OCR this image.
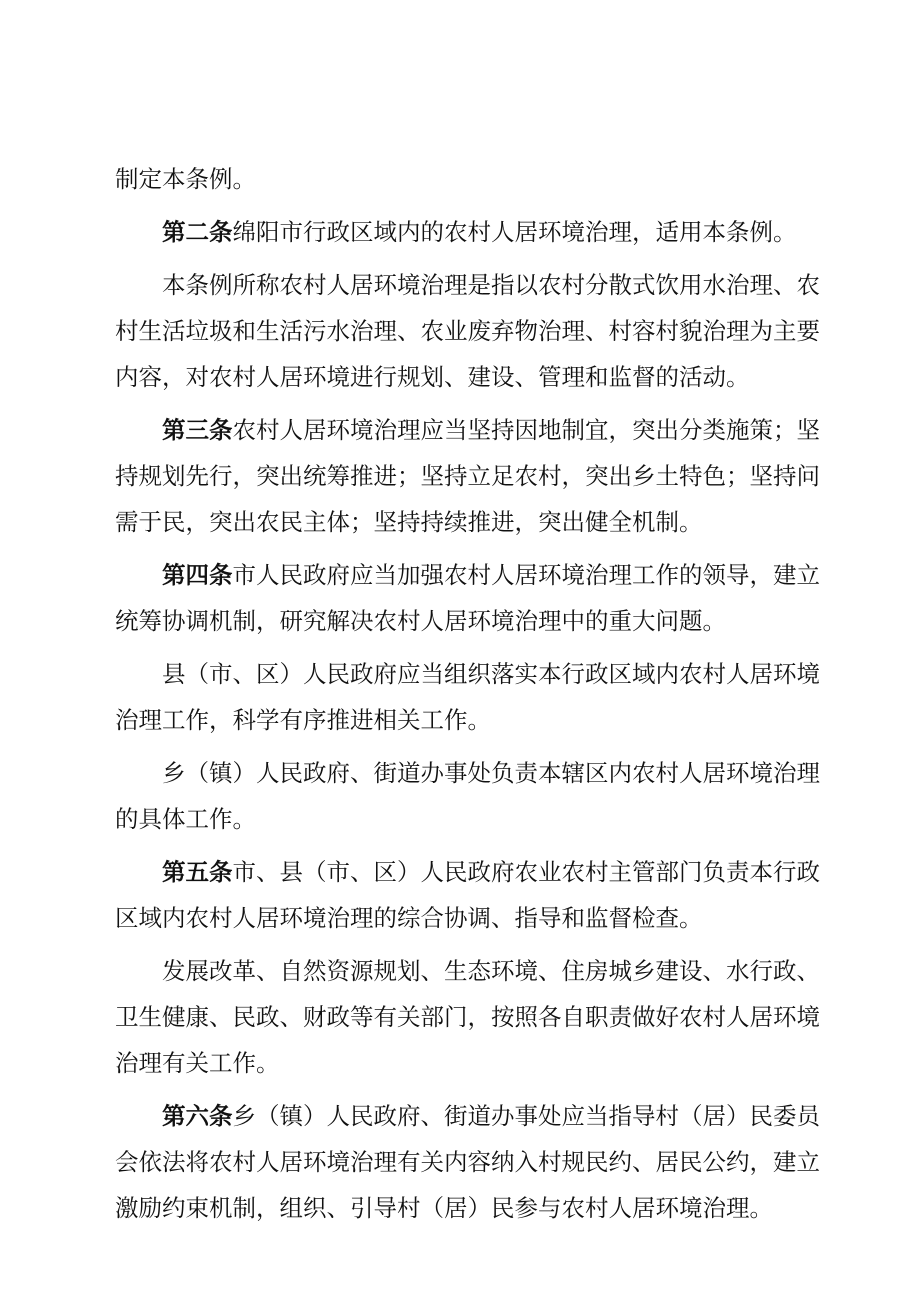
制定本条例。
第二条绵阳市行政区域内的农村人居环境治理，适用本条例。
本条例所称农村人居环境治理是指以农村分散式饮用水治理、农
村生活垃圾和生活污水治理、农业废弃物治理、村容村貌治理为主要
内容，对农村人居环境进行规划、建设、管理和监督的活动。
第三条农村人居环境治理应当坚持因地制宜，突出分类施策；坚
持规划先行，突出统筹推进；坚持立足农村，突出乡土特色；坚持问
需于民，突出农民主体；坚持持续推进，突出健全机制。
第四条市人民政府应当加强农村人居环境治理工作的领导，建立
统筹协调机制，研究解决农村人居环境治理中的重大问题。
县（市、区）人民政府应当组织落实本行政区域内农村人居环境
治理工作，科学有序推进相关工作。
乡（镇）人民政府、街道办事处负责本辖区内农村人居环境治理
的具体工作。
第五条市、县（市、区）人民政府农业农村主管部门负责本行政
区域内农村人居环境治理的综合协调、指导和监督检查。
发展改革、自然资源规划、生态环境、住房城乡建设、水行政、
卫生健康、民政、财政等有关部门，按照各自职责做好农村人居环境
治理有关工作。
第六条乡（镇）人民政府、街道办事处应当指导村（居）民委员
会依法将农村人居环境治理有关内容纳入村规民约、居民公约，建立
激励约束机制，组织、引导村（居）民参与农村人居环境治理。
